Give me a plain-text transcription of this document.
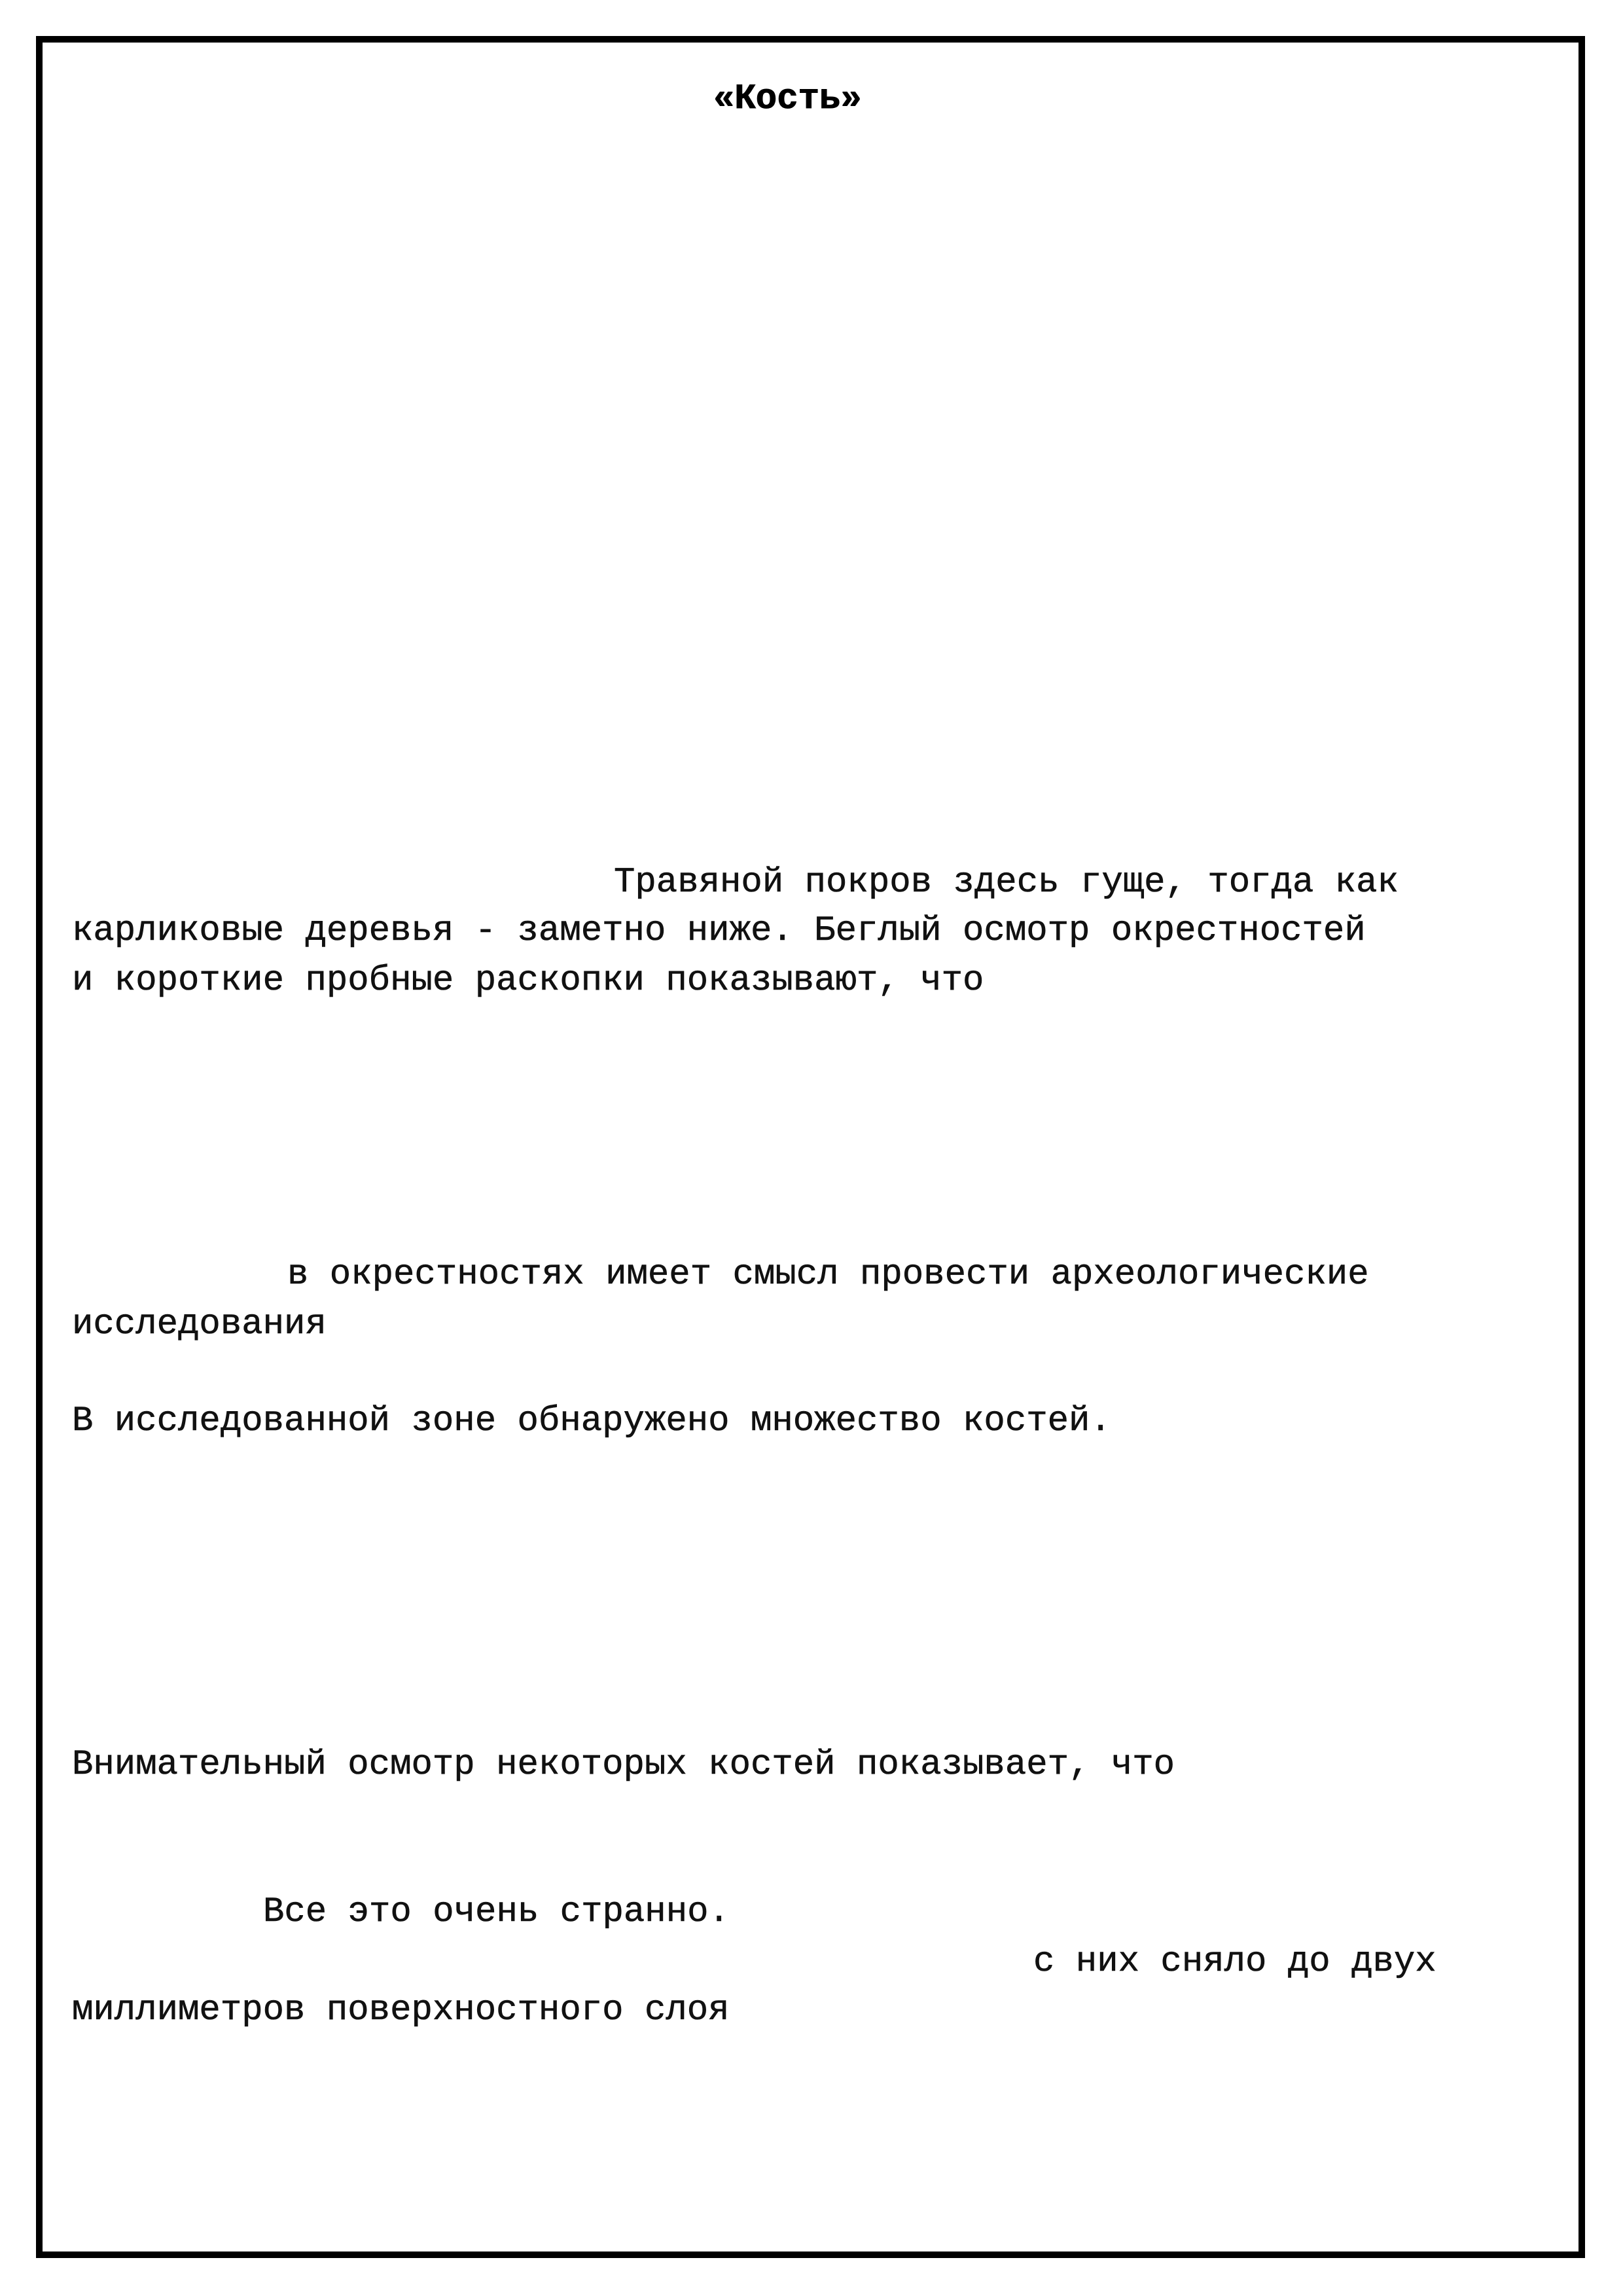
«Кость»
Травяной покров здесь гуще, тогда как
карликовые деревья - заметно ниже. Беглый осмотр окрестностей
и короткие пробные раскопки показывают, что
в окрестностях имеет смысл провести археологические
исследования
В исследованной зоне обнаружено множество костей.
Внимательный осмотр некоторых костей показывает, что
Все это очень странно.
с них сняло до двух
миллиметров поверхностного слоя
